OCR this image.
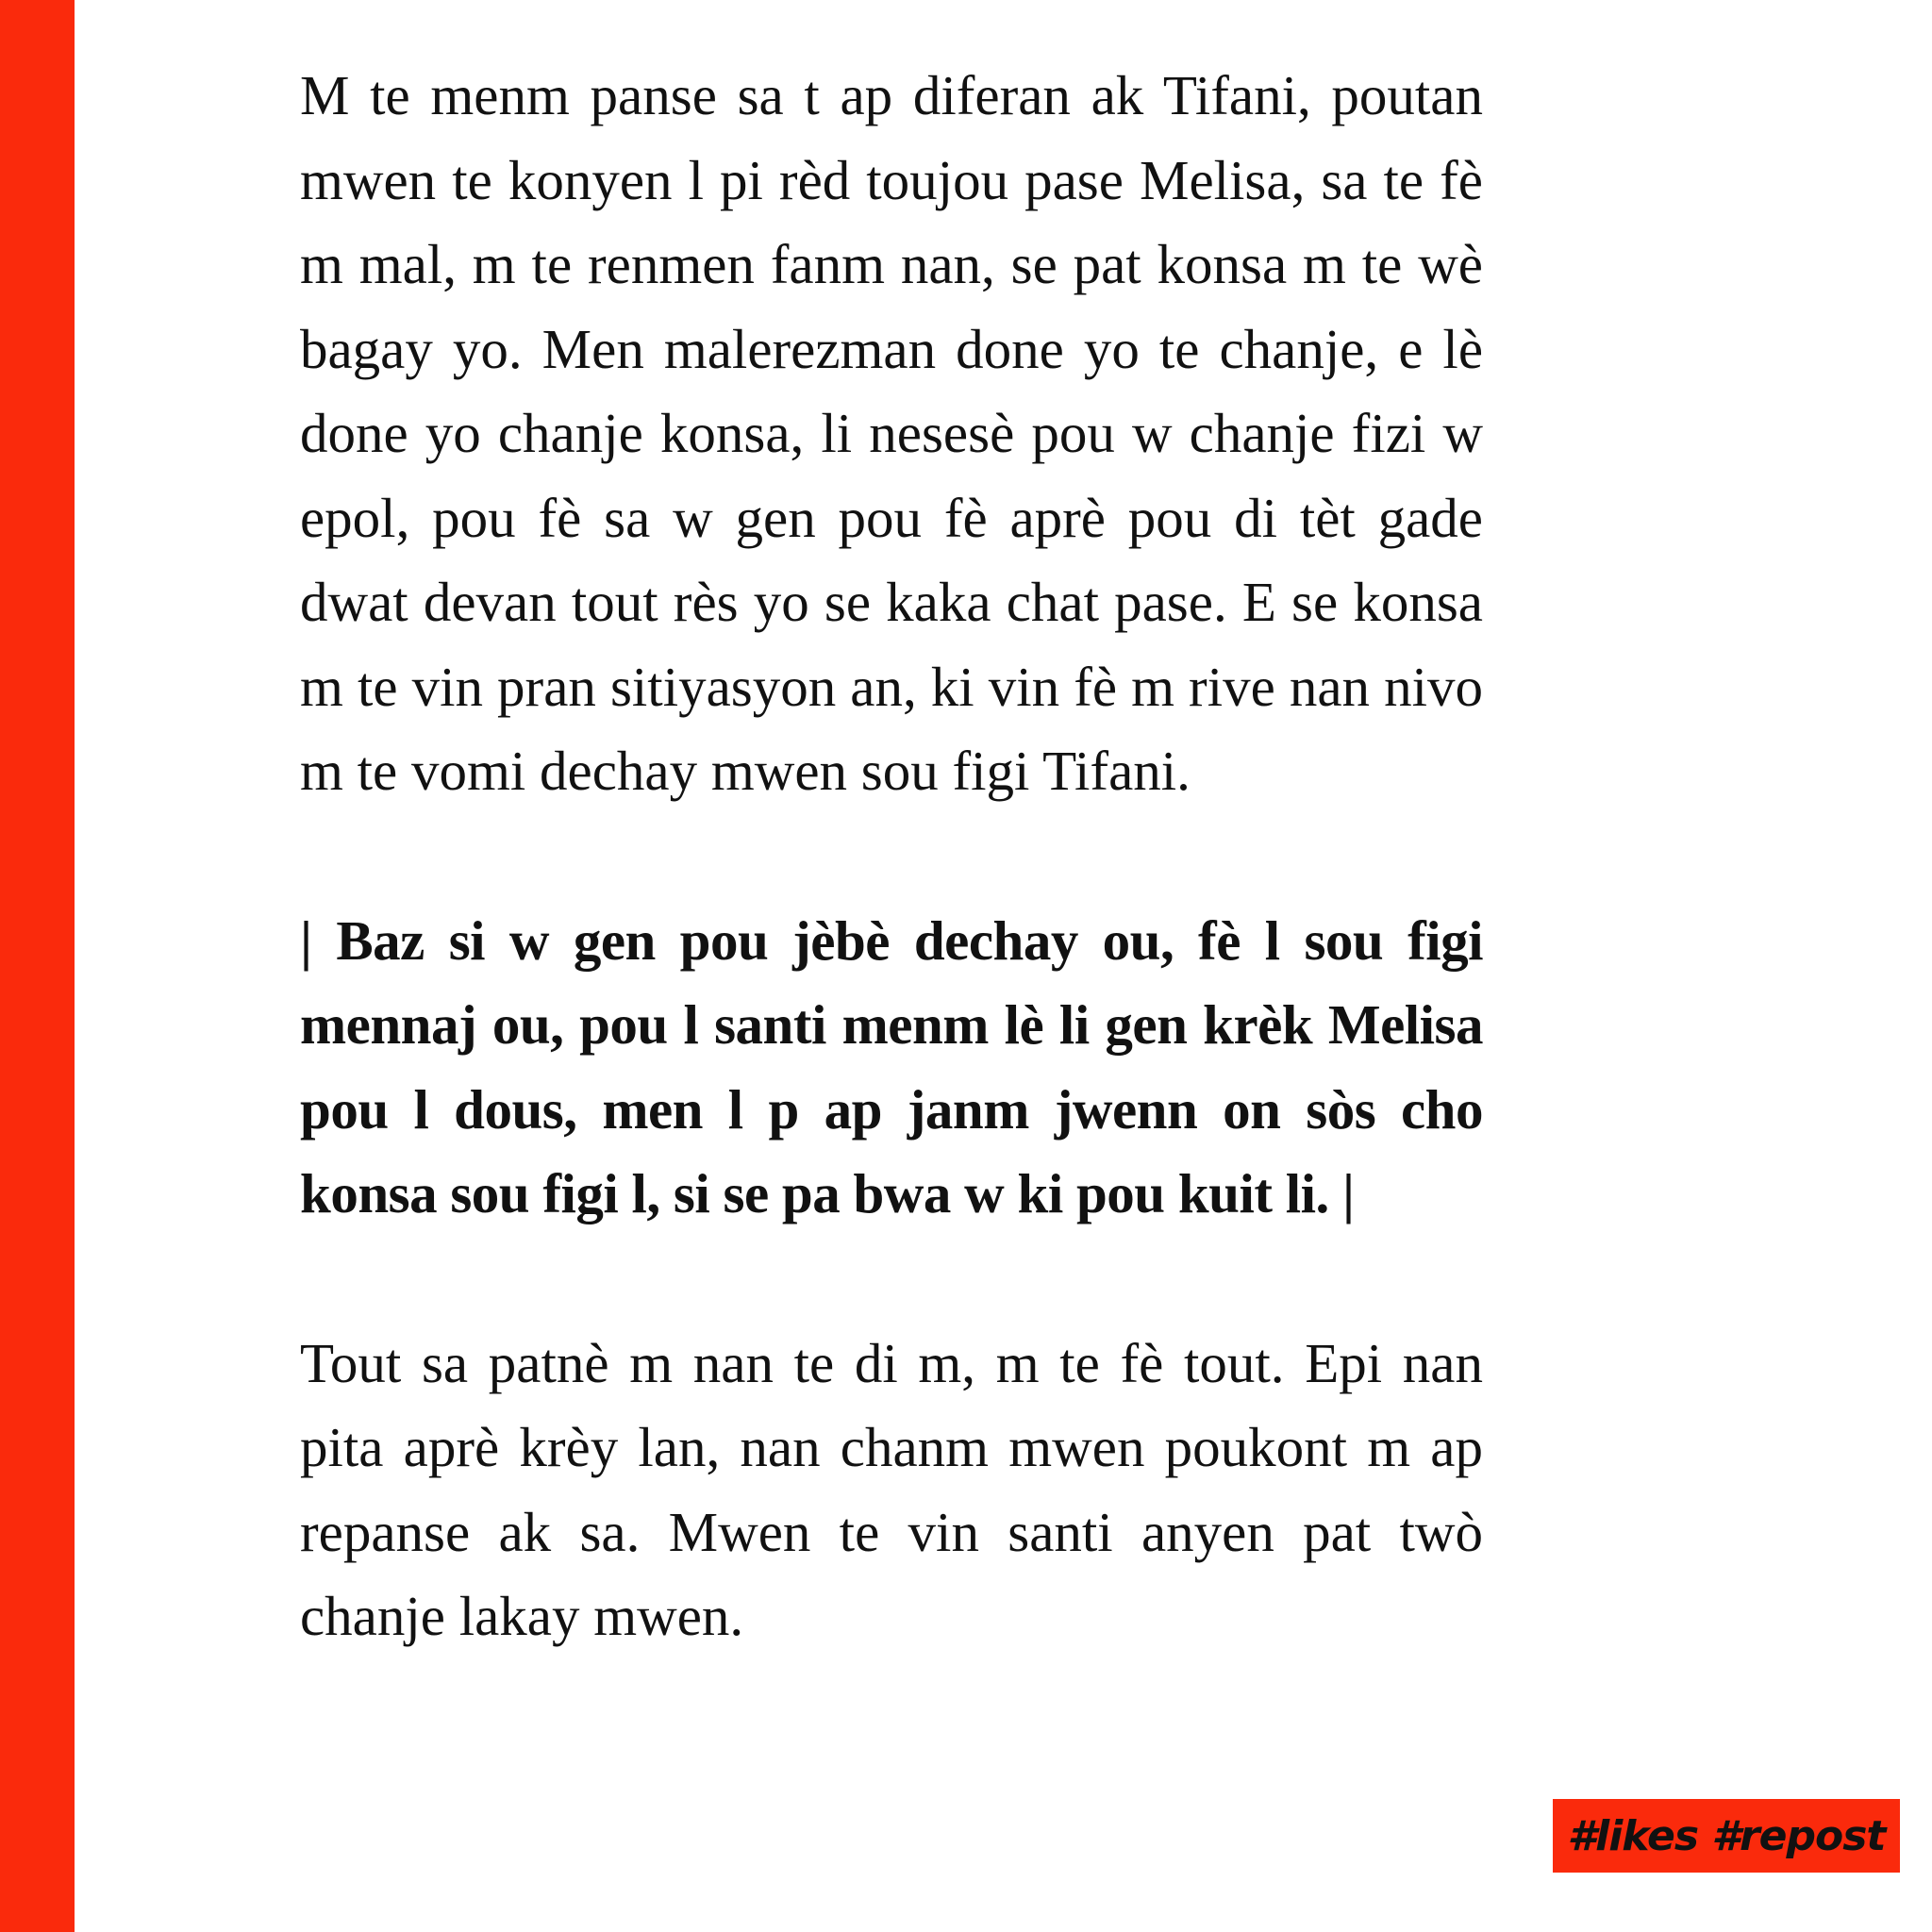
M te menm panse sa t ap diferan ak Tifani, poutan mwen te konyen l pi rèd toujou pase Melisa, sa te fè m mal, m te renmen fanm nan, se pat konsa m te wè bagay yo. Men malerezman done yo te chanje, e lè done yo chanje konsa, li nesesè pou w chanje fizi w epol, pou fè sa w gen pou fè aprè pou di tèt gade dwat devan tout rès yo se kaka chat pase. E se konsa m te vin pran sitiyasyon an, ki vin fè m rive nan nivo m te vomi dechay mwen sou figi Tifani.

| Baz si w gen pou jèbè dechay ou, fè l sou figi mennaj ou, pou l santi menm lè li gen krèk Melisa pou l dous, men l p ap janm jwenn on sòs cho konsa sou figi l, si se pa bwa w ki pou kuit li. |

Tout sa patnè m nan te di m, m te fè tout. Epi nan pita aprè krèy lan, nan chanm mwen poukont m ap repanse ak sa. Mwen te vin santi anyen pat twò chanje lakay mwen.

#likes #repost
